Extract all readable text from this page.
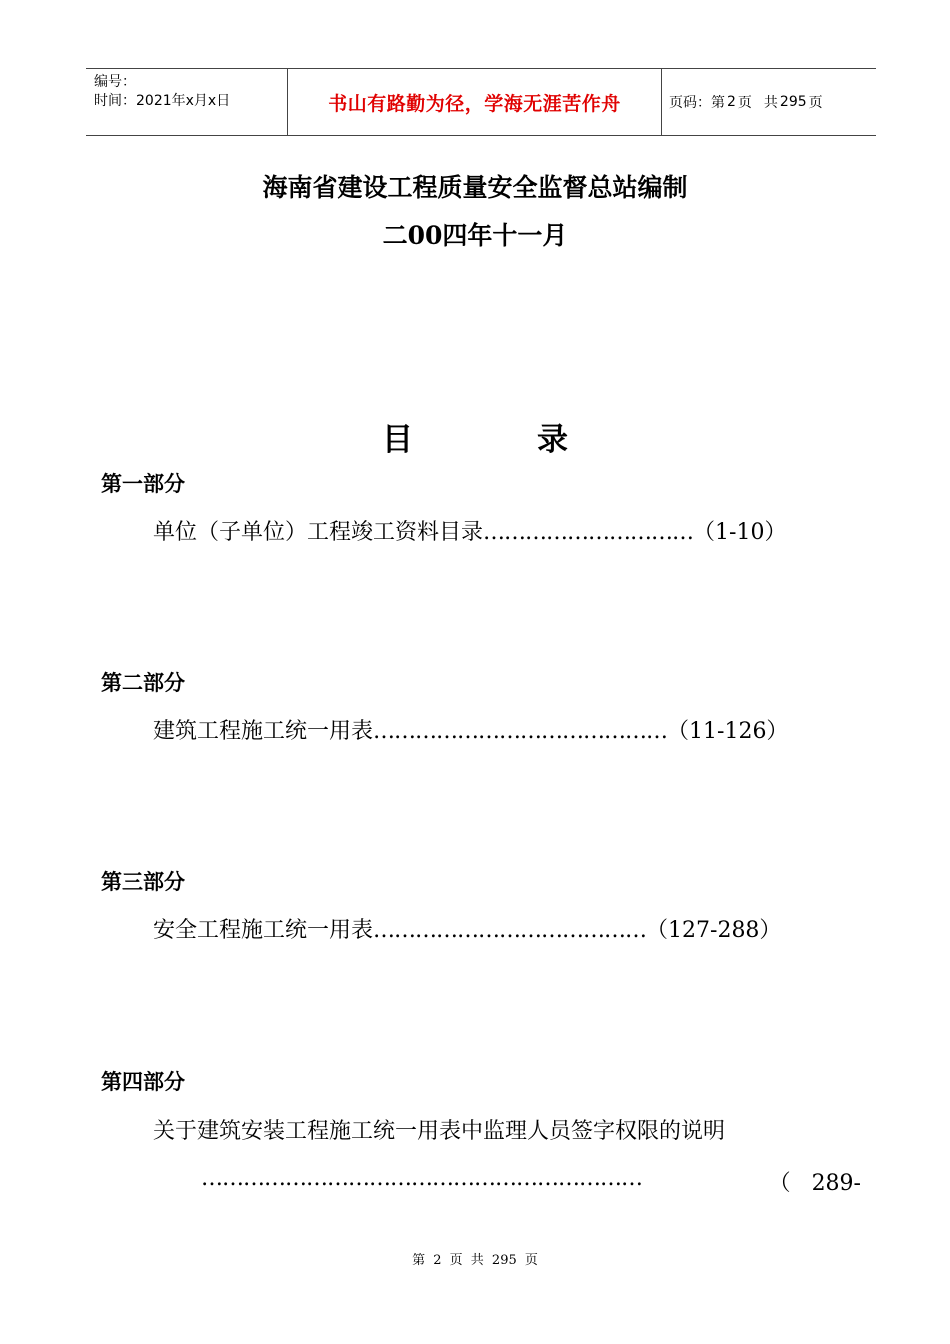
编号：
时间：2021年x月x日	书山有路勤为径，学海无涯苦作舟	页码：第 2 页 共 295 页
海南省建设工程质量安全监督总站编制
二00四年十一月
目	录
第一部分
单位（子单位）工程竣工资料目录…………………………（1-10）
第二部分
建筑工程施工统一用表……………………………………（11-126）
第三部分
安全工程施工统一用表…………………………………（127-288）
第四部分
关于建筑安装工程施工统一用表中监理人员签字权限的说明
………………………………………………………	（ 289-
第 2 页 共 295 页
